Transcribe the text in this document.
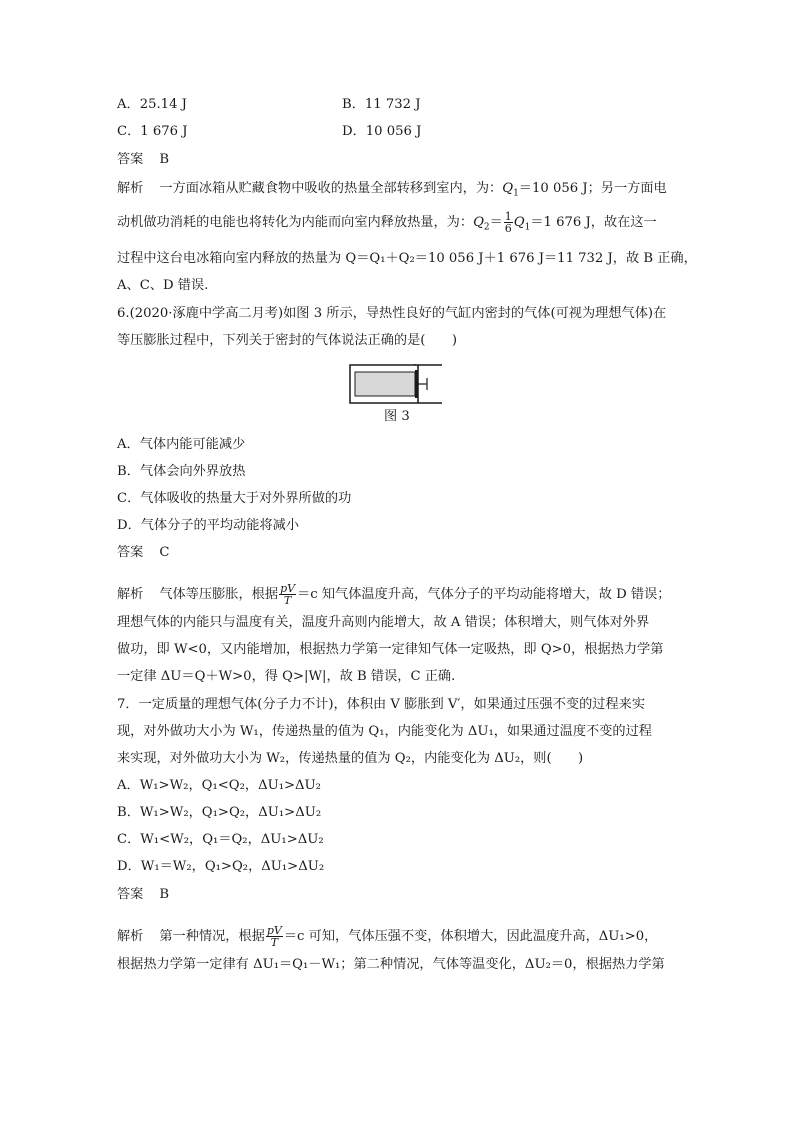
A．25.14 J	B．11 732 J
C．1 676 J	D．10 056 J
答案 B
解析 一方面冰箱从贮藏食物中吸收的热量全部转移到室内，为：$Q_1=10$ 056 J；另一方面电
动机做功消耗的电能也将转化为内能而向室内释放热量，为：$Q_2= \frac{1}{6} Q_1=1$ 676 J，故在这一
过程中这台电冰箱向室内释放的热量为 Q＝Q₁＋Q₂＝10 056 J＋1 676 J＝11 732 J，故 B 正确，
A、C、D 错误.
6.(2020·涿鹿中学高二月考)如图 3 所示，导热性良好的气缸内密封的气体(可视为理想气体)在
等压膨胀过程中，下列关于密封的气体说法正确的是(　　)
图 3
A．气体内能可能减少
B．气体会向外界放热
C．气体吸收的热量大于对外界所做的功
D．气体分子的平均动能将减小
答案 C
解析 气体等压膨胀，根据 $\frac{pV}{T} =c$ 知气体温度升高，气体分子的平均动能将增大，故 D 错误；
理想气体的内能只与温度有关，温度升高则内能增大，故 A 错误；体积增大，则气体对外界
做功，即 W<0，又内能增加，根据热力学第一定律知气体一定吸热，即 Q>0，根据热力学第
一定律 ΔU＝Q＋W>0，得 Q>|W|，故 B 错误，C 正确.
7．一定质量的理想气体(分子力不计)，体积由 V 膨胀到 V′，如果通过压强不变的过程来实
现，对外做功大小为 W₁，传递热量的值为 Q₁，内能变化为 ΔU₁，如果通过温度不变的过程
来实现，对外做功大小为 W₂，传递热量的值为 Q₂，内能变化为 ΔU₂，则(　　)
A．W₁>W₂，Q₁<Q₂，ΔU₁>ΔU₂
B．W₁>W₂，Q₁>Q₂，ΔU₁>ΔU₂
C．W₁<W₂，Q₁＝Q₂，ΔU₁>ΔU₂
D．W₁＝W₂，Q₁>Q₂，ΔU₁>ΔU₂
答案 B
解析 第一种情况，根据 $\frac{pV}{T} =c$ 可知，气体压强不变，体积增大，因此温度升高，ΔU₁>0，
根据热力学第一定律有 ΔU₁＝Q₁－W₁；第二种情况，气体等温变化，ΔU₂＝0，根据热力学第
